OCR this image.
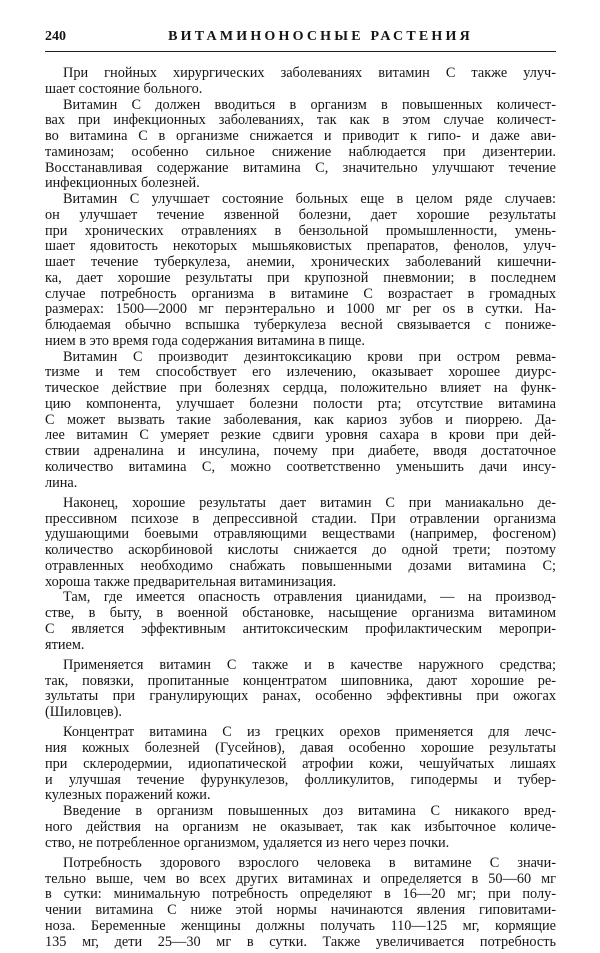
240	ВИТАМИНОНОСНЫЕ РАСТЕНИЯ
При гнойных хирургических заболеваниях витамин С также улуч-
шает состояние больного.
Витамин С должен вводиться в организм в повышенных количест-
вах при инфекционных заболеваниях, так как в этом случае количест-
во витамина С в организме снижается и приводит к гипо- и даже ави-
таминозам; особенно сильное снижение наблюдается при дизентерии.
Восстанавливая содержание витамина С, значительно улучшают течение
инфекционных болезней.
Витамин С улучшает состояние больных еще в целом ряде случаев:
он улучшает течение язвенной болезни, дает хорошие результаты
при хронических отравлениях в бензольной промышленности, умень-
шает ядовитость некоторых мышьяковистых препаратов, фенолов, улуч-
шает течение туберкулеза, анемии, хронических заболеваний кишечни-
ка, дает хорошие результаты при крупозной пневмонии; в последнем
случае потребность организма в витамине С возрастает в громадных
размерах: 1500—2000 мг перэнтерально и 1000 мг per os в сутки. На-
блюдаемая обычно вспышка туберкулеза весной связывается с пониже-
нием в это время года содержания витамина в пище.
Витамин С производит дезинтоксикацию крови при остром ревма-
тизме и тем способствует его излечению, оказывает хорошее диурс-
тическое действие при болезнях сердца, положительно влияет на функ-
цию компонента, улучшает болезни полости рта; отсутствие витамина
С может вызвать такие заболевания, как кариоз зубов и пиоррею. Да-
лее витамин С умеряет резкие сдвиги уровня сахара в крови при дей-
ствии адреналина и инсулина, почему при диабете, вводя достаточное
количество витамина С, можно соответственно уменьшить дачи инсу-
лина.
Наконец, хорошие результаты дает витамин С при маниакально де-
прессивном психозе в депрессивной стадии. При отравлении организма
удушающими боевыми отравляющими веществами (например, фосгеном)
количество аскорбиновой кислоты снижается до одной трети; поэтому
отравленных необходимо снабжать повышенными дозами витамина С;
хороша также предварительная витаминизация.
Там, где имеется опасность отравления цианидами, — на производ-
стве, в быту, в военной обстановке, насыщение организма витамином
С является эффективным антитоксическим профилактическим меропри-
ятием.
Применяется витамин С также и в качестве наружного средства;
так, повязки, пропитанные концентратом шиповника, дают хорошие ре-
зультаты при гранулирующих ранах, особенно эффективны при ожогах
(Шиловцев).
Концентрат витамина С из грецких орехов применяется для лечс-
ния кожных болезней (Гусейнов), давая особенно хорошие результаты
при склеродермии, идиопатической атрофии кожи, чешуйчатых лишаях
и улучшая течение фурункулезов, фолликулитов, гиподермы и тубер-
кулезных поражений кожи.
Введение в организм повышенных доз витамина С никакого вред-
ного действия на организм не оказывает, так как избыточное количе-
ство, не потребленное организмом, удаляется из него через почки.
Потребность здорового взрослого человека в витамине С значи-
тельно выше, чем во всех других витаминах и определяется в 50—60 мг
в сутки: минимальную потребность определяют в 16—20 мг; при полу-
чении витамина С ниже этой нормы начинаются явления гиповитами-
ноза. Беременные женщины должны получать 110—125 мг, кормящие
135 мг, дети 25—30 мг в сутки. Также увеличивается потребность
